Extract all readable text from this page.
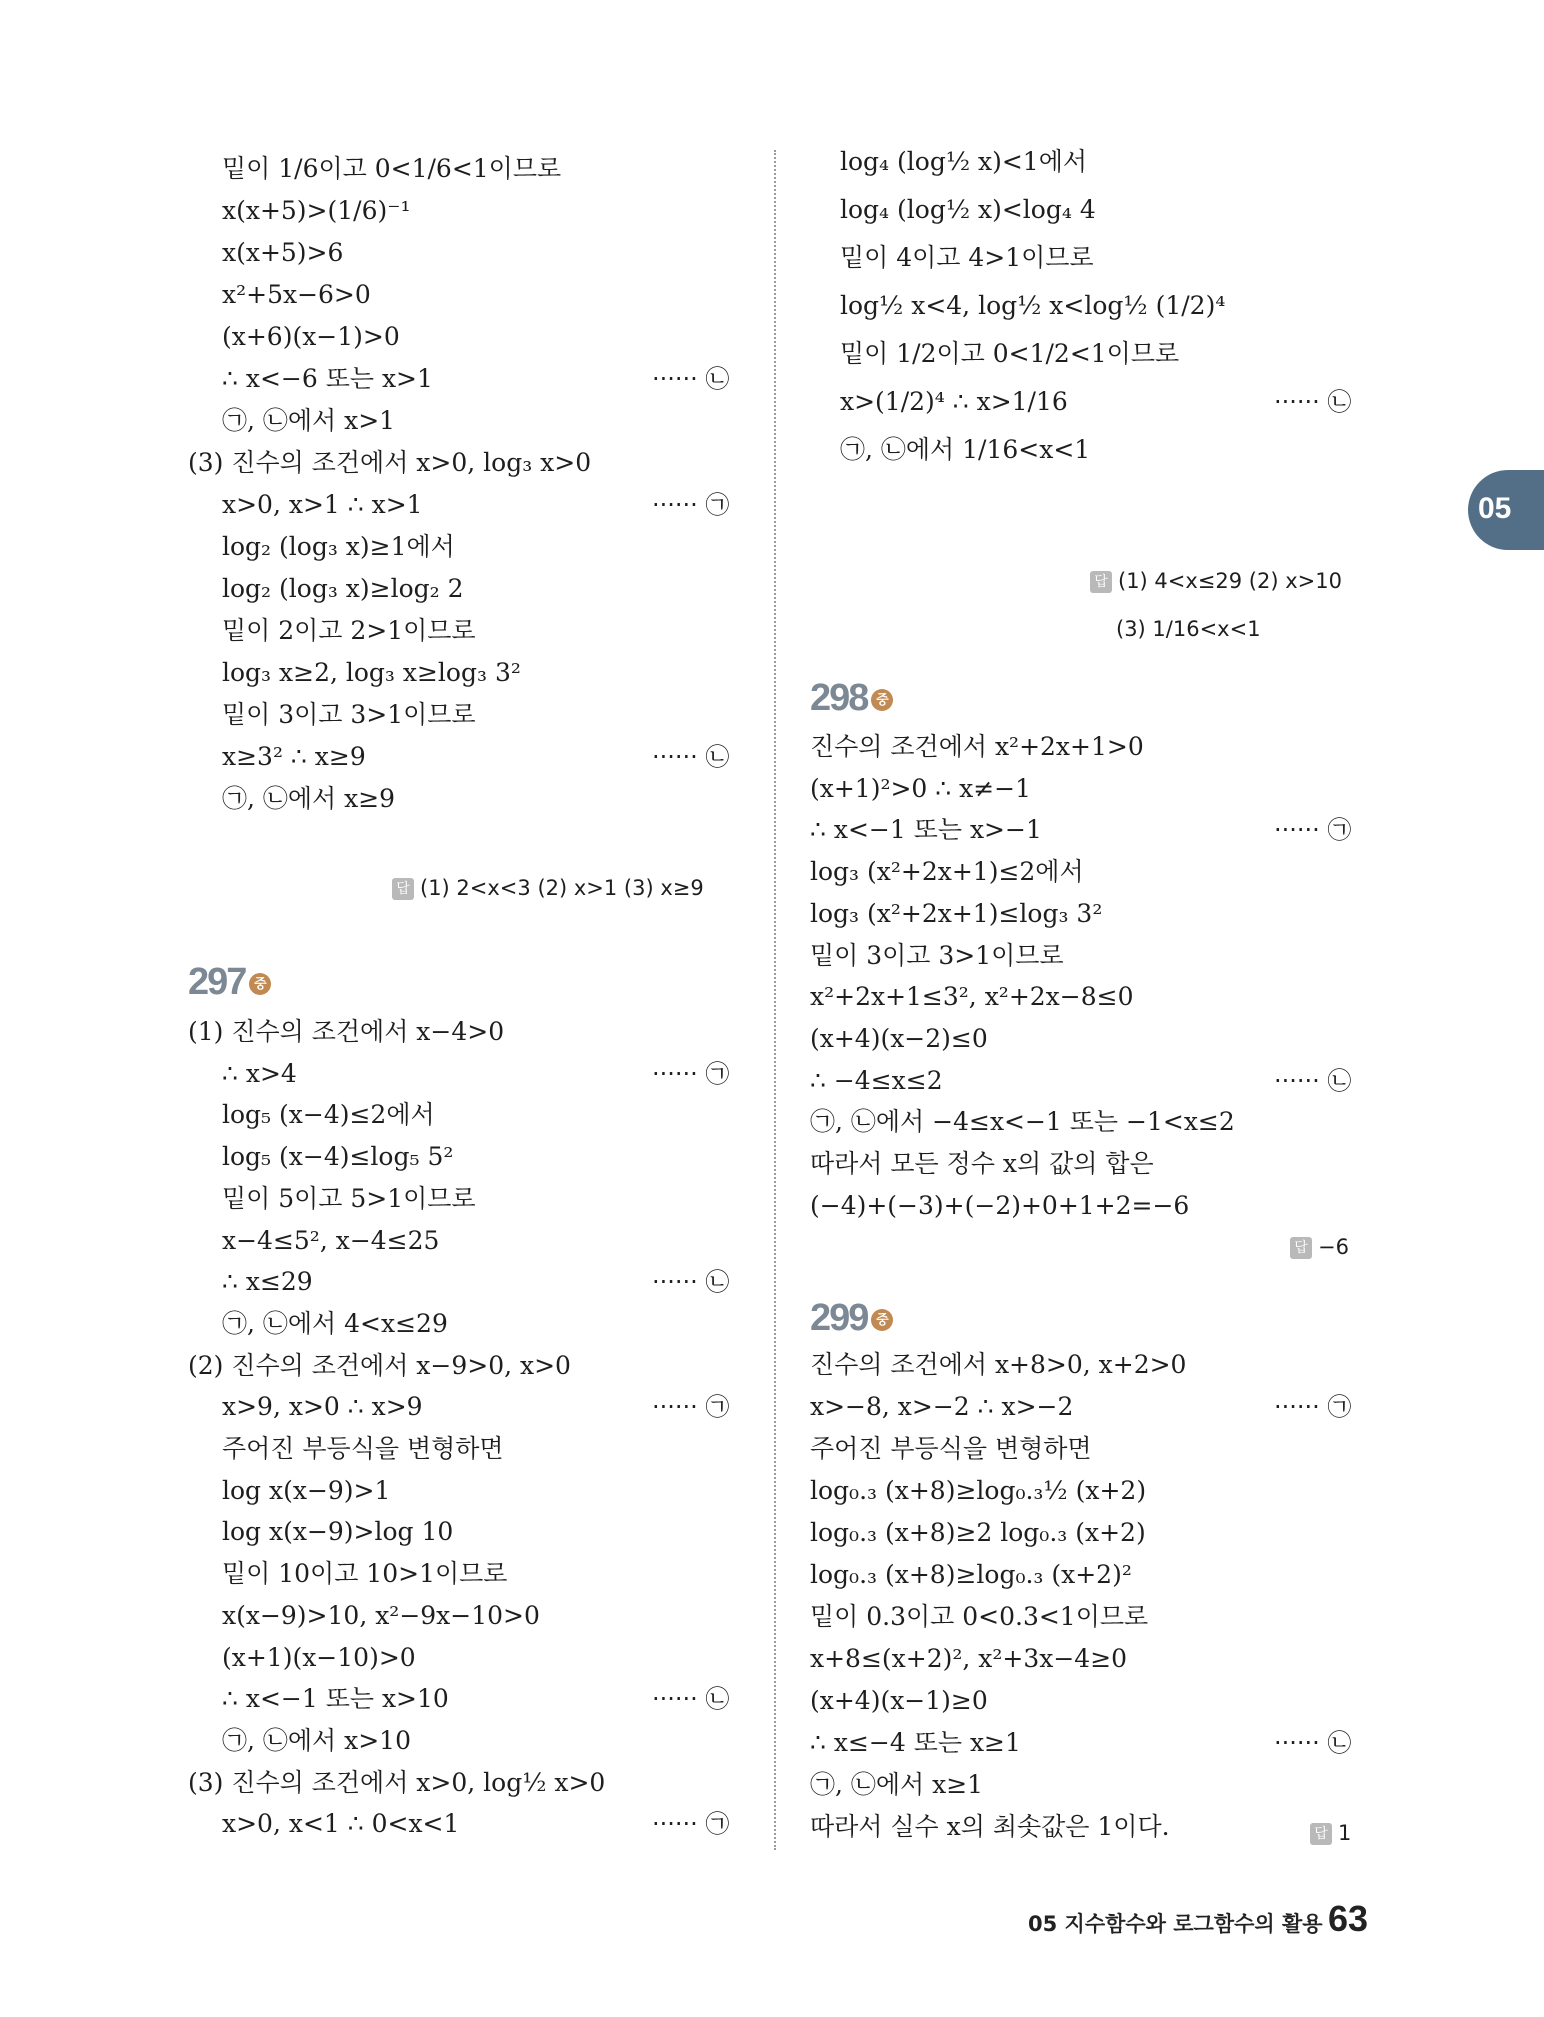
05
밑이 1/6이고 0<1/6<1이므로
x(x+5)>(1/6)⁻¹
x(x+5)>6
x²+5x−6>0
(x+6)(x−1)>0
∴ x<−6 또는 x>1	······ ㉡
㉠, ㉡에서 x>1
(3) 진수의 조건에서 x>0, log₃ x>0
x>0, x>1 ∴ x>1	······ ㉠
log₂ (log₃ x)≥1에서
log₂ (log₃ x)≥log₂ 2
밑이 2이고 2>1이므로
log₃ x≥2, log₃ x≥log₃ 3²
밑이 3이고 3>1이므로
x≥3² ∴ x≥9	······ ㉡
㉠, ㉡에서 x≥9
답 (1) 2<x<3 (2) x>1 (3) x≥9
297 중
(1) 진수의 조건에서 x−4>0
∴ x>4	······ ㉠
log₅ (x−4)≤2에서
log₅ (x−4)≤log₅ 5²
밑이 5이고 5>1이므로
x−4≤5², x−4≤25
∴ x≤29	······ ㉡
㉠, ㉡에서 4<x≤29
(2) 진수의 조건에서 x−9>0, x>0
x>9, x>0 ∴ x>9	······ ㉠
주어진 부등식을 변형하면
log x(x−9)>1
log x(x−9)>log 10
밑이 10이고 10>1이므로
x(x−9)>10, x²−9x−10>0
(x+1)(x−10)>0
∴ x<−1 또는 x>10	······ ㉡
㉠, ㉡에서 x>10
(3) 진수의 조건에서 x>0, log½ x>0
x>0, x<1 ∴ 0<x<1	······ ㉠
log₄ (log½ x)<1에서
log₄ (log½ x)<log₄ 4
밑이 4이고 4>1이므로
log½ x<4, log½ x<log½ (1/2)⁴
밑이 1/2이고 0<1/2<1이므로
x>(1/2)⁴ ∴ x>1/16	······ ㉡
㉠, ㉡에서 1/16<x<1
답 (1) 4<x≤29 (2) x>10
(3) 1/16<x<1
298 중
진수의 조건에서 x²+2x+1>0
(x+1)²>0 ∴ x≠−1
∴ x<−1 또는 x>−1	······ ㉠
log₃ (x²+2x+1)≤2에서
log₃ (x²+2x+1)≤log₃ 3²
밑이 3이고 3>1이므로
x²+2x+1≤3², x²+2x−8≤0
(x+4)(x−2)≤0
∴ −4≤x≤2	······ ㉡
㉠, ㉡에서 −4≤x<−1 또는 −1<x≤2
따라서 모든 정수 x의 값의 합은
(−4)+(−3)+(−2)+0+1+2=−6
답 −6
299 중
진수의 조건에서 x+8>0, x+2>0
x>−8, x>−2 ∴ x>−2	······ ㉠
주어진 부등식을 변형하면
log₀.₃ (x+8)≥log₀.₃½ (x+2)
log₀.₃ (x+8)≥2 log₀.₃ (x+2)
log₀.₃ (x+8)≥log₀.₃ (x+2)²
밑이 0.3이고 0<0.3<1이므로
x+8≤(x+2)², x²+3x−4≥0
(x+4)(x−1)≥0
∴ x≤−4 또는 x≥1	······ ㉡
㉠, ㉡에서 x≥1
따라서 실수 x의 최솟값은 1이다.	답 1
05 지수함수와 로그함수의 활용 63
